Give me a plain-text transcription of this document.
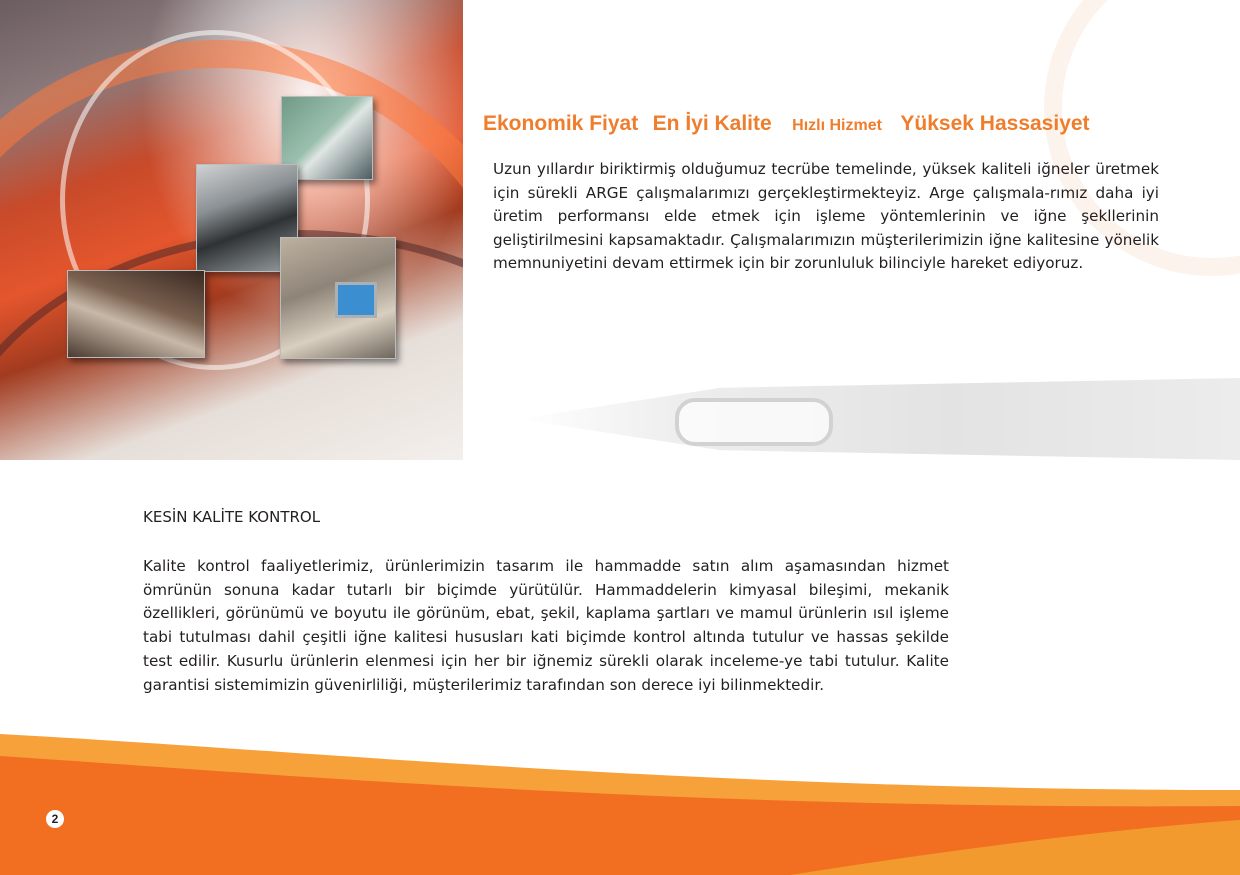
Ekonomik Fiyat En İyi Kalite Hızlı Hizmet Yüksek Hassasiyet
Uzun yıllardır biriktirmiş olduğumuz tecrübe temelinde, yüksek kaliteli iğneler üretmek için sürekli ARGE çalışmalarımızı gerçekleştirmekteyiz. Arge çalışmala-rımız daha iyi üretim performansı elde etmek için işleme yöntemlerinin ve iğne şekllerinin geliştirilmesini kapsamaktadır. Çalışmalarımızın müşterilerimizin iğne kalitesine yönelik memnuniyetini devam ettirmek için bir zorunluluk bilinciyle hareket ediyoruz.
KESİN KALİTE KONTROL
Kalite kontrol faaliyetlerimiz, ürünlerimizin tasarım ile hammadde satın alım aşamasından hizmet ömrünün sonuna kadar tutarlı bir biçimde yürütülür. Hammaddelerin kimyasal bileşimi, mekanik özellikleri, görünümü ve boyutu ile görünüm, ebat, şekil, kaplama şartları ve mamul ürünlerin ısıl işleme tabi tutulması dahil çeşitli iğne kalitesi hususları kati biçimde kontrol altında tutulur ve hassas şekilde test edilir. Kusurlu ürünlerin elenmesi için her bir iğnemiz sürekli olarak inceleme-ye tabi tutulur. Kalite garantisi sistemimizin güvenirliliği, müşterilerimiz tarafından son derece iyi bilinmektedir.
2
